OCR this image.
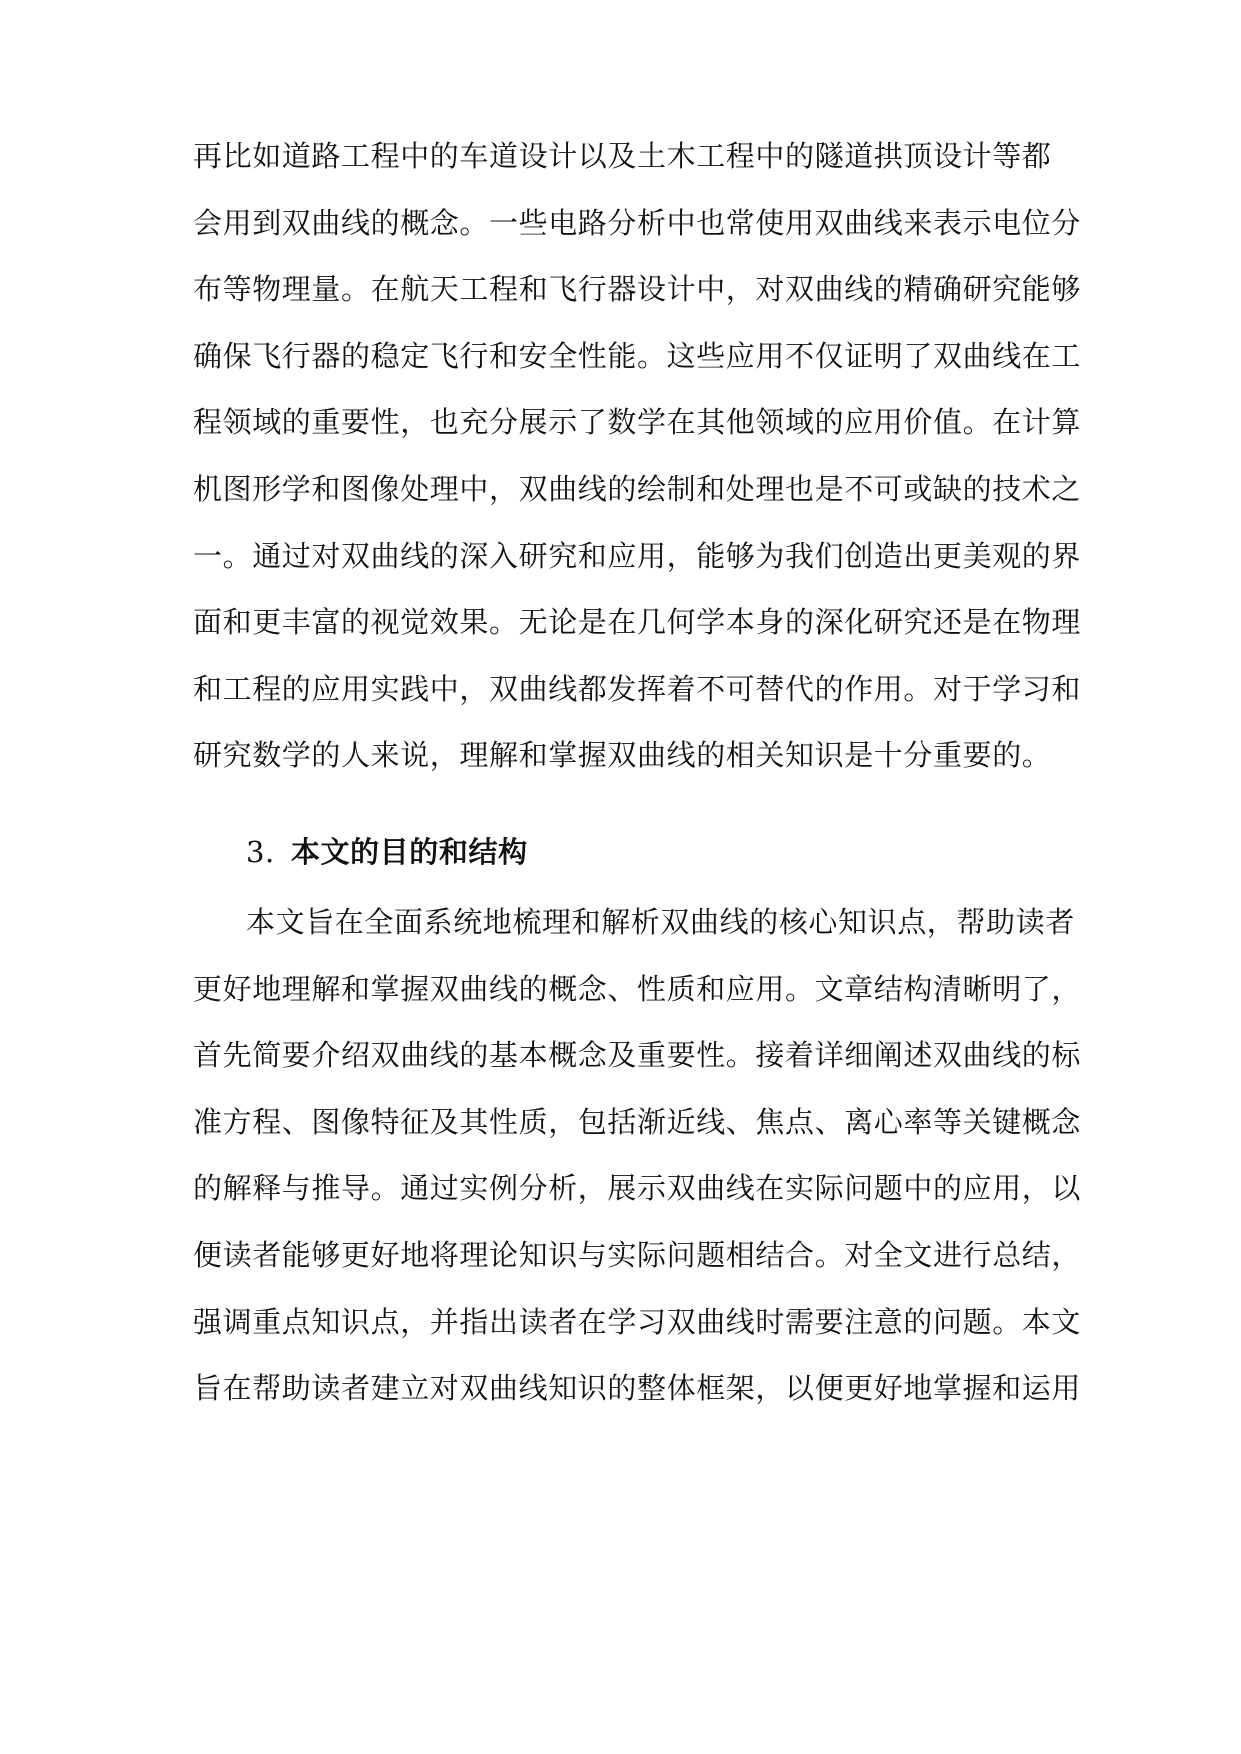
再比如道路工程中的车道设计以及土木工程中的隧道拱顶设计等都
会用到双曲线的概念。一些电路分析中也常使用双曲线来表示电位分
布等物理量。在航天工程和飞行器设计中，对双曲线的精确研究能够
确保飞行器的稳定飞行和安全性能。这些应用不仅证明了双曲线在工
程领域的重要性，也充分展示了数学在其他领域的应用价值。在计算
机图形学和图像处理中，双曲线的绘制和处理也是不可或缺的技术之
一。通过对双曲线的深入研究和应用，能够为我们创造出更美观的界
面和更丰富的视觉效果。无论是在几何学本身的深化研究还是在物理
和工程的应用实践中，双曲线都发挥着不可替代的作用。对于学习和
研究数学的人来说，理解和掌握双曲线的相关知识是十分重要的。
3. 本文的目的和结构
本文旨在全面系统地梳理和解析双曲线的核心知识点，帮助读者
更好地理解和掌握双曲线的概念、性质和应用。文章结构清晰明了，
首先简要介绍双曲线的基本概念及重要性。接着详细阐述双曲线的标
准方程、图像特征及其性质，包括渐近线、焦点、离心率等关键概念
的解释与推导。通过实例分析，展示双曲线在实际问题中的应用，以
便读者能够更好地将理论知识与实际问题相结合。对全文进行总结，
强调重点知识点，并指出读者在学习双曲线时需要注意的问题。本文
旨在帮助读者建立对双曲线知识的整体框架，以便更好地掌握和运用
